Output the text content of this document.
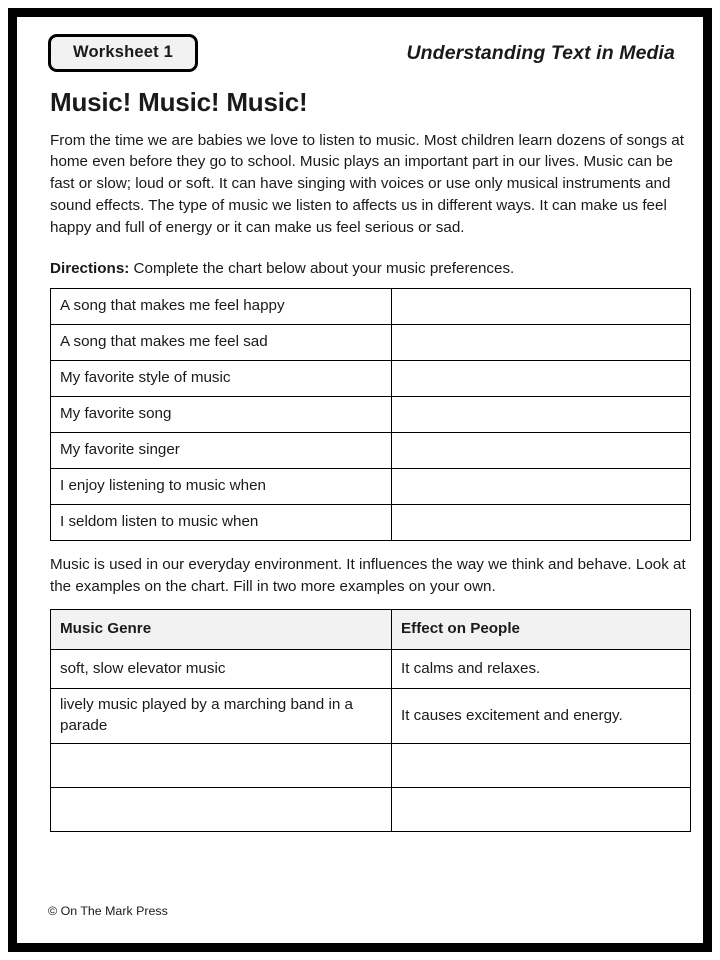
Worksheet 1	Understanding Text in Media
Music! Music! Music!

From the time we are babies we love to listen to music. Most children learn dozens of songs at home even before they go to school. Music plays an important part in our lives. Music can be fast or slow; loud or soft. It can have singing with voices or use only musical instruments and sound effects. The type of music we listen to affects us in different ways. It can make us feel happy and full of energy or it can make us feel serious or sad.

Directions: Complete the chart below about your music preferences.
A song that makes me feel happy	
A song that makes me feel sad	
My favorite style of music	
My favorite song	
My favorite singer	
I enjoy listening to music when	
I seldom listen to music when	

Music is used in our everyday environment. It influences the way we think and behave. Look at the examples on the chart. Fill in two more examples on your own.

Music Genre	Effect on People
soft, slow elevator music	It calms and relaxes.
lively music played by a marching band in a parade	It causes excitement and energy.

© On The Mark Press
